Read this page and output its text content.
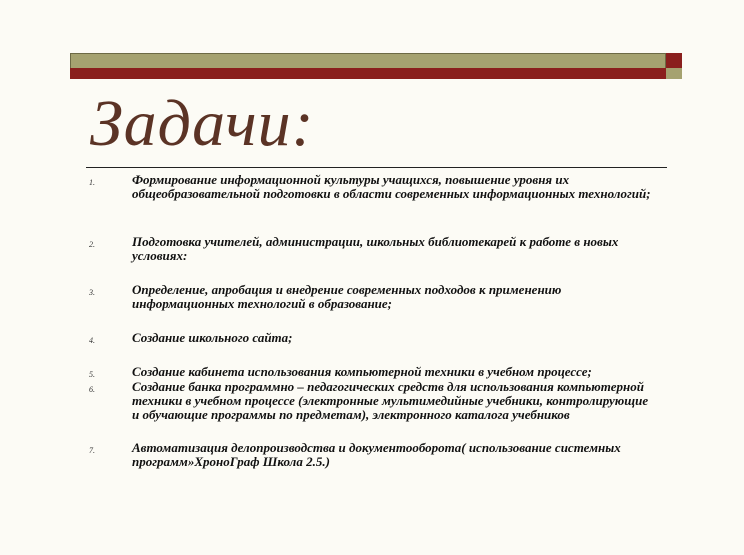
Задачи:
1.	Формирование информационной культуры учащихся, повышение уровня их общеобразовательной подготовки в области современных информационных технологий;
2.	Подготовка учителей, администрации, школьных библиотекарей к работе в новых условиях:
3.	Определение, апробация и внедрение современных подходов к применению информационных технологий в образование;
4.	Создание школьного сайта;
5.	Создание кабинета использования компьютерной техники в учебном процессе;
6.	Создание банка программно – педагогических средств для использования компьютерной техники в учебном процессе (электронные мультимедийные учебники, контролирующие и обучающие программы по предметам), электронного каталога учебников
7.	Автоматизация делопроизводства и документооборота( использование системных программ»ХроноГраф Школа 2.5.)
